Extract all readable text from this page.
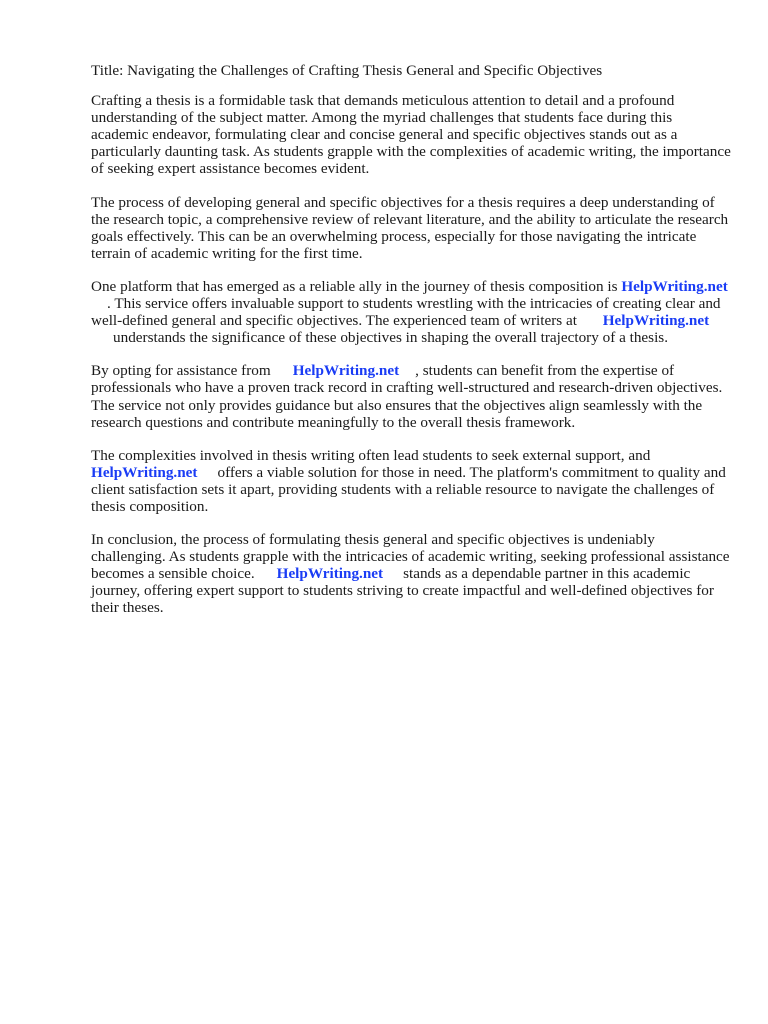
Title: Navigating the Challenges of Crafting Thesis General and Specific Objectives

Crafting a thesis is a formidable task that demands meticulous attention to detail and a profound understanding of the subject matter. Among the myriad challenges that students face during this academic endeavor, formulating clear and concise general and specific objectives stands out as a particularly daunting task. As students grapple with the complexities of academic writing, the importance of seeking expert assistance becomes evident.

The process of developing general and specific objectives for a thesis requires a deep understanding of the research topic, a comprehensive review of relevant literature, and the ability to articulate the research goals effectively. This can be an overwhelming process, especially for those navigating the intricate terrain of academic writing for the first time.

One platform that has emerged as a reliable ally in the journey of thesis composition is HelpWriting.net. This service offers invaluable support to students wrestling with the intricacies of creating clear and well-defined general and specific objectives. The experienced team of writers at HelpWriting.netunderstands the significance of these objectives in shaping the overall trajectory of a thesis.

By opting for assistance from HelpWriting.net , students can benefit from the expertise of professionals who have a proven track record in crafting well-structured and research-driven objectives. The service not only provides guidance but also ensures that the objectives align seamlessly with the research questions and contribute meaningfully to the overall thesis framework.

The complexities involved in thesis writing often lead students to seek external support, and HelpWriting.net offers a viable solution for those in need. The platform's commitment to quality and client satisfaction sets it apart, providing students with a reliable resource to navigate the challenges of thesis composition.

In conclusion, the process of formulating thesis general and specific objectives is undeniably challenging. As students grapple with the intricacies of academic writing, seeking professional assistance becomes a sensible choice. HelpWriting.net stands as a dependable partner in this academic journey, offering expert support to students striving to create impactful and well-defined objectives for their theses.
